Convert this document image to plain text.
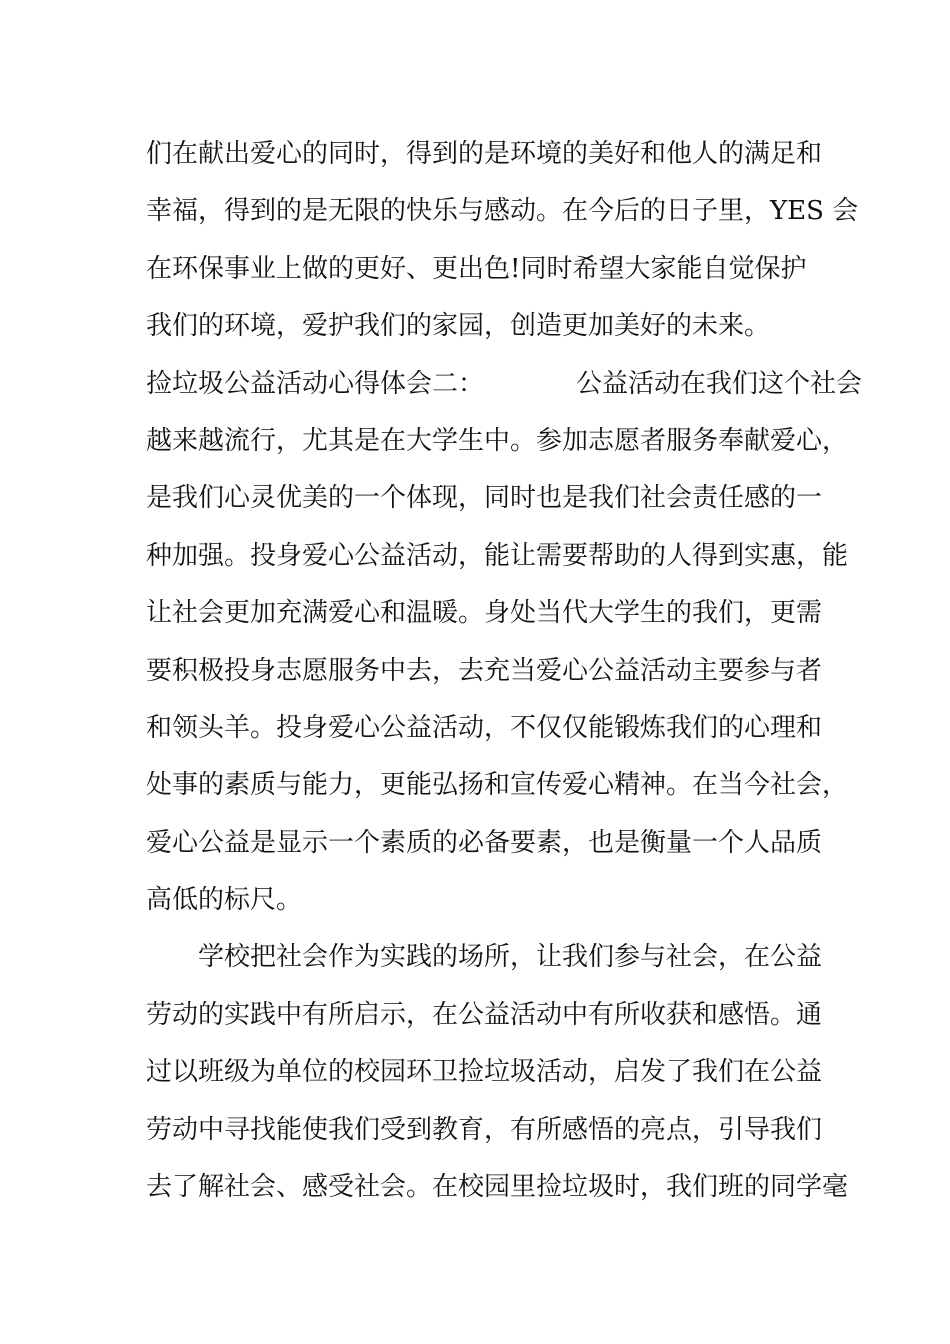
们在献出爱心的同时，得到的是环境的美好和他人的满足和
幸福，得到的是无限的快乐与感动。在今后的日子里，YES 会
在环保事业上做的更好、更出色!同时希望大家能自觉保护
我们的环境，爱护我们的家园，创造更加美好的未来。
捡垃圾公益活动心得体会二：	公益活动在我们这个社会
越来越流行，尤其是在大学生中。参加志愿者服务奉献爱心，
是我们心灵优美的一个体现，同时也是我们社会责任感的一
种加强。投身爱心公益活动，能让需要帮助的人得到实惠，能
让社会更加充满爱心和温暖。身处当代大学生的我们，更需
要积极投身志愿服务中去，去充当爱心公益活动主要参与者
和领头羊。投身爱心公益活动，不仅仅能锻炼我们的心理和
处事的素质与能力，更能弘扬和宣传爱心精神。在当今社会，
爱心公益是显示一个素质的必备要素，也是衡量一个人品质
高低的标尺。
　　学校把社会作为实践的场所，让我们参与社会，在公益
劳动的实践中有所启示，在公益活动中有所收获和感悟。通
过以班级为单位的校园环卫捡垃圾活动，启发了我们在公益
劳动中寻找能使我们受到教育，有所感悟的亮点，引导我们
去了解社会、感受社会。在校园里捡垃圾时，我们班的同学毫
